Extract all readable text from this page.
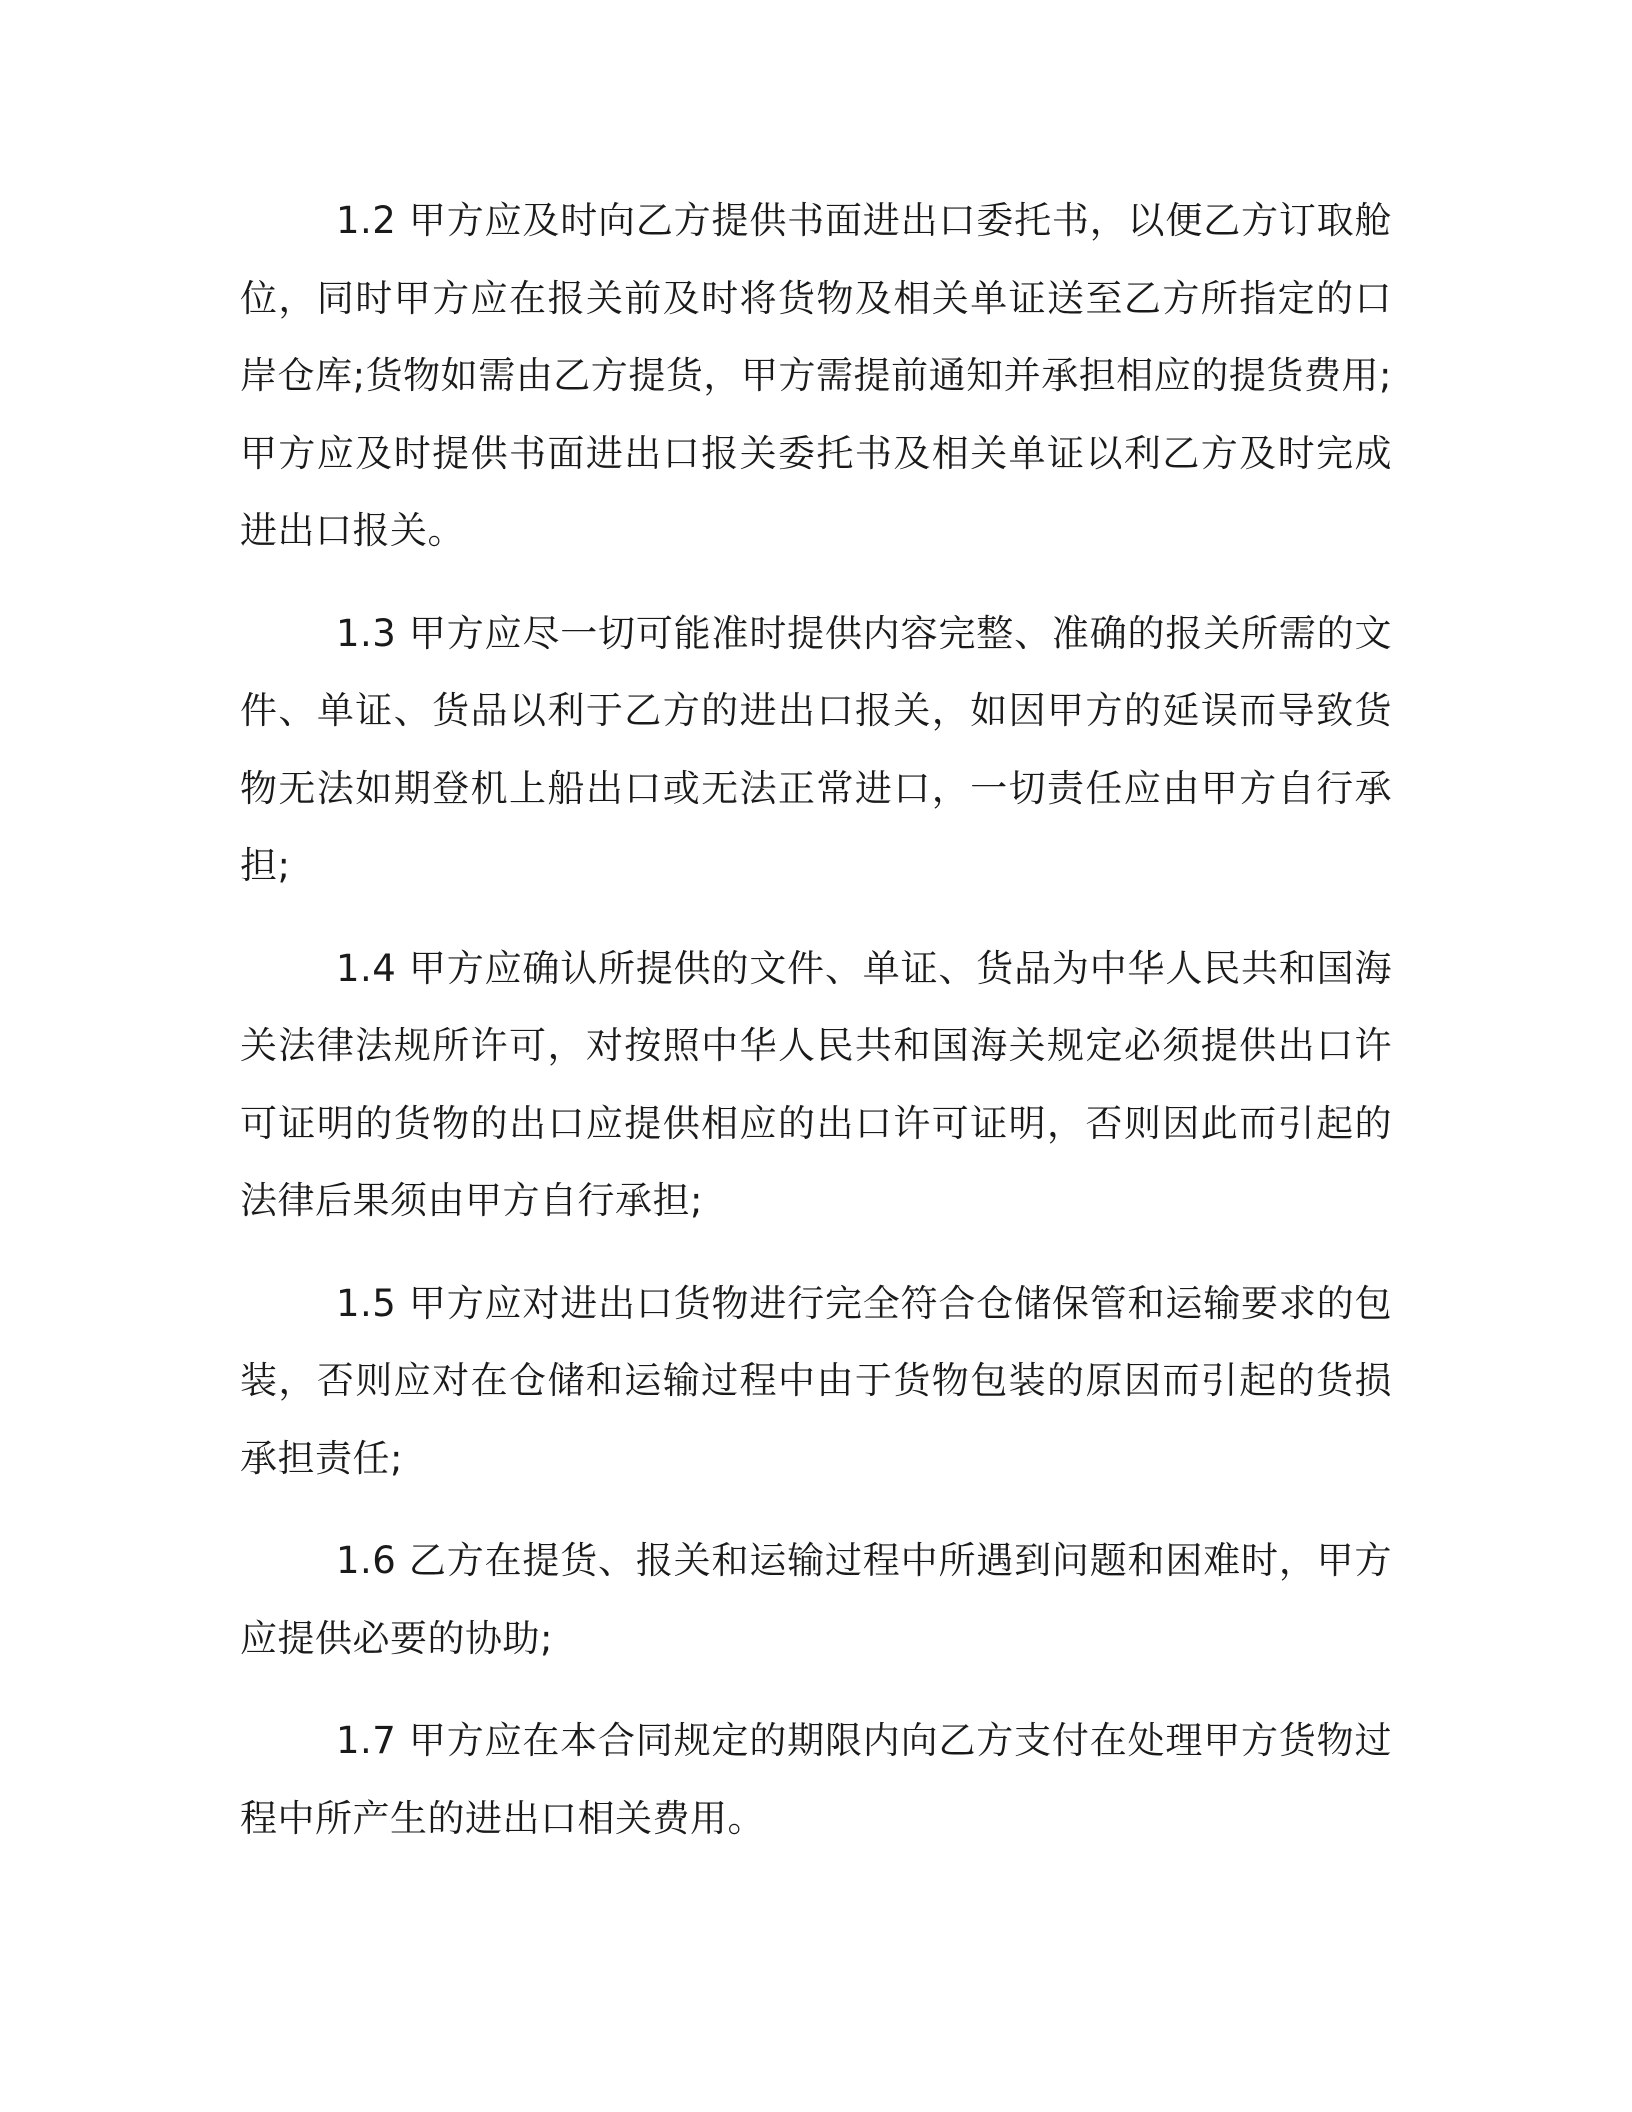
1.2 甲方应及时向乙方提供书面进出口委托书，以便乙方订取舱位，同时甲方应在报关前及时将货物及相关单证送至乙方所指定的口岸仓库;货物如需由乙方提货，甲方需提前通知并承担相应的提货费用;甲方应及时提供书面进出口报关委托书及相关单证以利乙方及时完成进出口报关。

1.3 甲方应尽一切可能准时提供内容完整、准确的报关所需的文件、单证、货品以利于乙方的进出口报关，如因甲方的延误而导致货物无法如期登机上船出口或无法正常进口，一切责任应由甲方自行承担;

1.4 甲方应确认所提供的文件、单证、货品为中华人民共和国海关法律法规所许可，对按照中华人民共和国海关规定必须提供出口许可证明的货物的出口应提供相应的出口许可证明，否则因此而引起的法律后果须由甲方自行承担;

1.5 甲方应对进出口货物进行完全符合仓储保管和运输要求的包装，否则应对在仓储和运输过程中由于货物包装的原因而引起的货损承担责任;

1.6 乙方在提货、报关和运输过程中所遇到问题和困难时，甲方应提供必要的协助;

1.7 甲方应在本合同规定的期限内向乙方支付在处理甲方货物过程中所产生的进出口相关费用。
